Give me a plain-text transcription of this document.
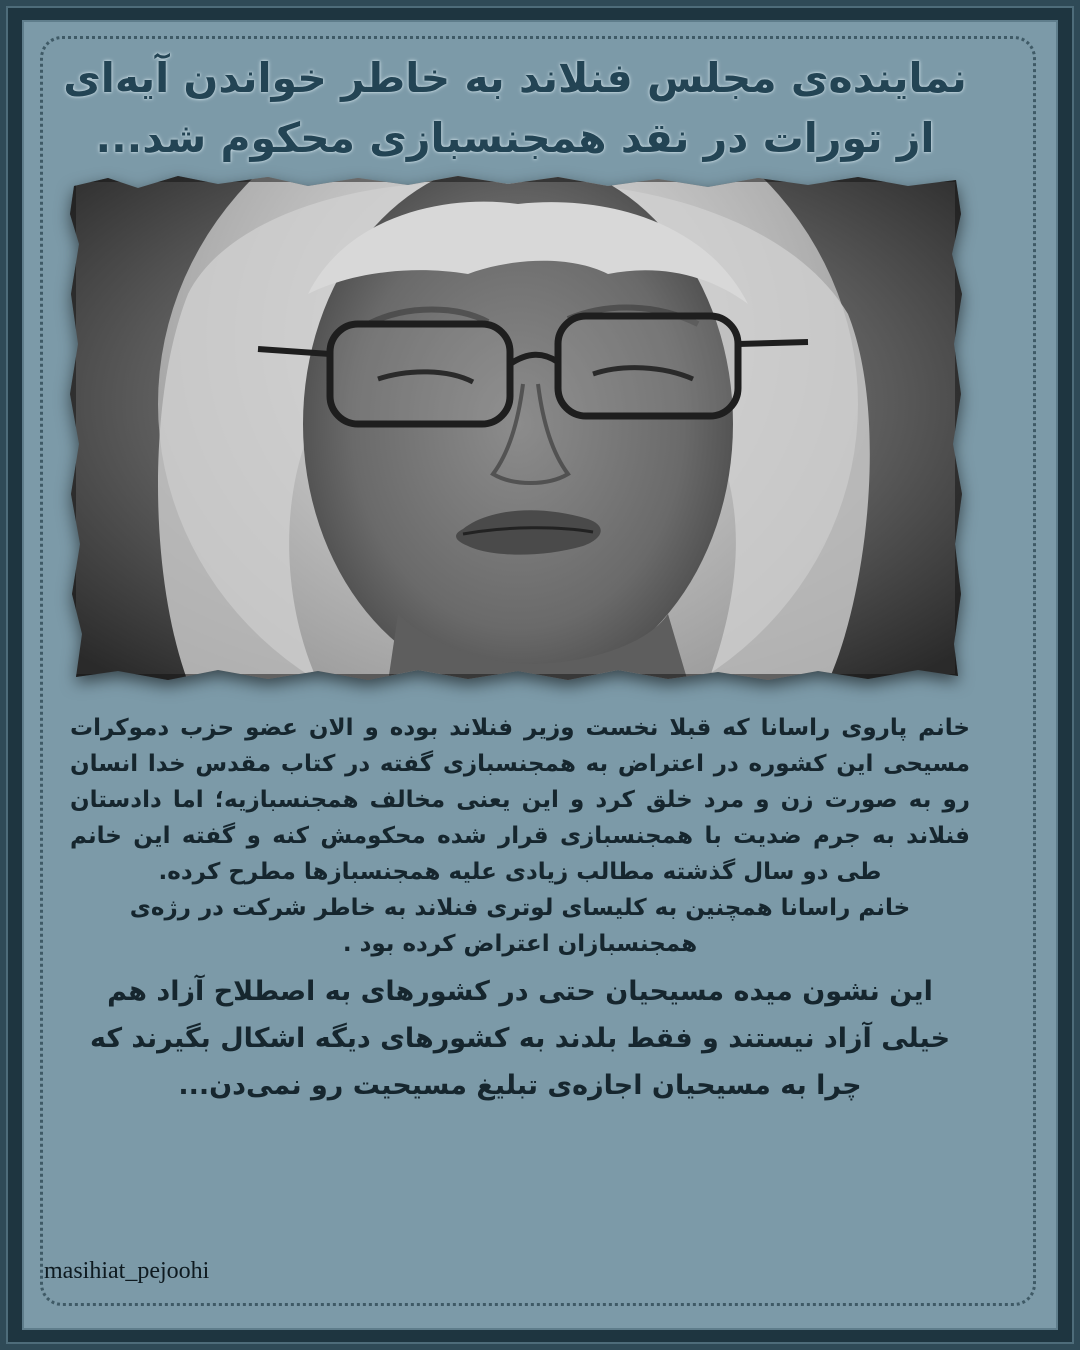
نماینده‌ی مجلس فنلاند به خاطر خواندن آیه‌ای
از تورات در نقد همجنسبازی محکوم شد...

خانم پاروی راسانا که قبلا نخست وزیر فنلاند بوده و الان عضو حزب دموکرات مسیحی این کشوره در اعتراض به همجنسبازی گفته در کتاب مقدس خدا انسان رو به صورت زن و مرد خلق کرد و این یعنی مخالف همجنسبازیه؛ اما دادستان فنلاند به جرم ضدیت با همجنسبازی قرار شده محکومش کنه و گفته این خانم طی دو سال گذشته مطالب زیادی علیه همجنسبازها مطرح کرده.

خانم راسانا همچنین به کلیسای لوتری فنلاند به خاطر شرکت در رژه‌ی همجنسبازان اعتراض کرده بود .

این نشون میده مسیحیان حتی در کشورهای به اصطلاح آزاد هم خیلی آزاد نیستند و فقط بلدند به کشورهای دیگه اشکال بگیرند که چرا به مسیحیان اجازه‌ی تبلیغ مسیحیت رو نمی‌دن...

masihiat_pejoohi
